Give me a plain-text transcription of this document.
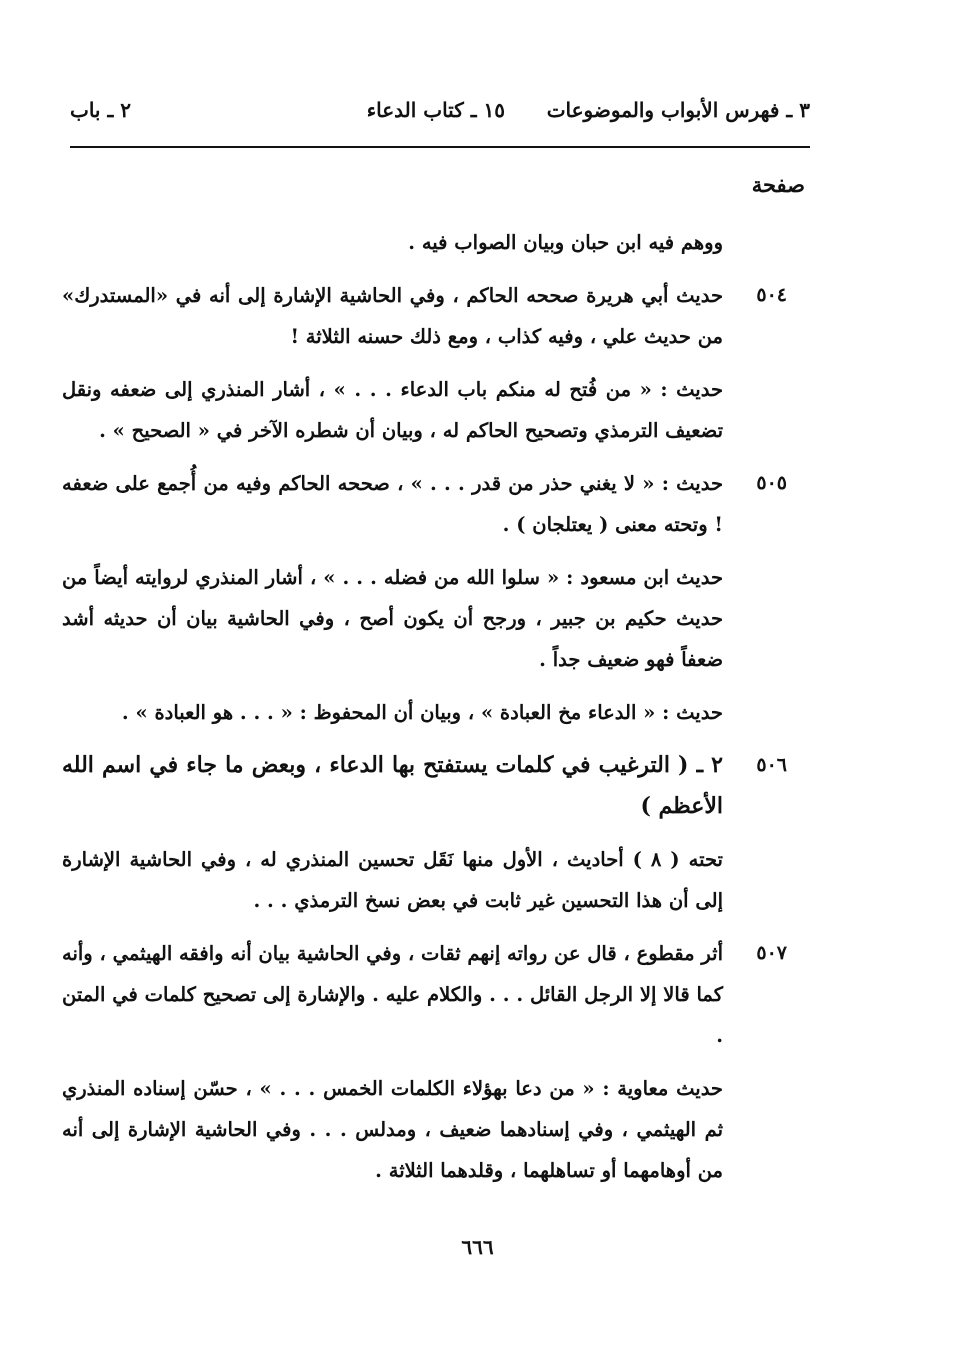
٣ ـ فهرس الأبواب والموضوعات
١٥ ـ كتاب الدعاء
٢ ـ باب
صفحة
ووهم فيه ابن حبان وبيان الصواب فيه .
٥٠٤
حديث أبي هريرة صححه الحاكم ، وفي الحاشية الإشارة إلى أنه في «المستدرك» من حديث علي ، وفيه كذاب ، ومع ذلك حسنه الثلاثة !
حديث : « من فُتح له منكم باب الدعاء . . . » ، أشار المنذري إلى ضعفه ونقل تضعيف الترمذي وتصحيح الحاكم له ، وبيان أن شطره الآخر في « الصحيح » .
٥٠٥
حديث : « لا يغني حذر من قدر . . . » ، صححه الحاكم وفيه من أُجمع على ضعفه ! وتحته معنى ( يعتلجان ) .
حديث ابن مسعود : « سلوا الله من فضله . . . » ، أشار المنذري لروايته أيضاً من حديث حكيم بن جبير ، ورجح أن يكون أصح ، وفي الحاشية بيان أن حديثه أشد ضعفاً فهو ضعيف جداً .
حديث : « الدعاء مخ العبادة » ، وبيان أن المحفوظ : « . . . هو العبادة » .
٥٠٦
٢ ـ ( الترغيب في كلمات يستفتح بها الدعاء ، وبعض ما جاء في اسم الله الأعظم )
تحته ( ٨ ) أحاديث ، الأول منها نَقَل تحسين المنذري له ، وفي الحاشية الإشارة إلى أن هذا التحسين غير ثابت في بعض نسخ الترمذي . . .
٥٠٧
أثر مقطوع ، قال عن رواته إنهم ثقات ، وفي الحاشية بيان أنه وافقه الهيثمي ، وأنه كما قالا إلا الرجل القائل . . . والكلام عليه . والإشارة إلى تصحيح كلمات في المتن .
حديث معاوية : « من دعا بهؤلاء الكلمات الخمس . . . » ، حسّن إسناده المنذري ثم الهيثمي ، وفي إسنادهما ضعيف ، ومدلس . . . وفي الحاشية الإشارة إلى أنه من أوهامهما أو تساهلهما ، وقلدهما الثلاثة .
٦٦٦
